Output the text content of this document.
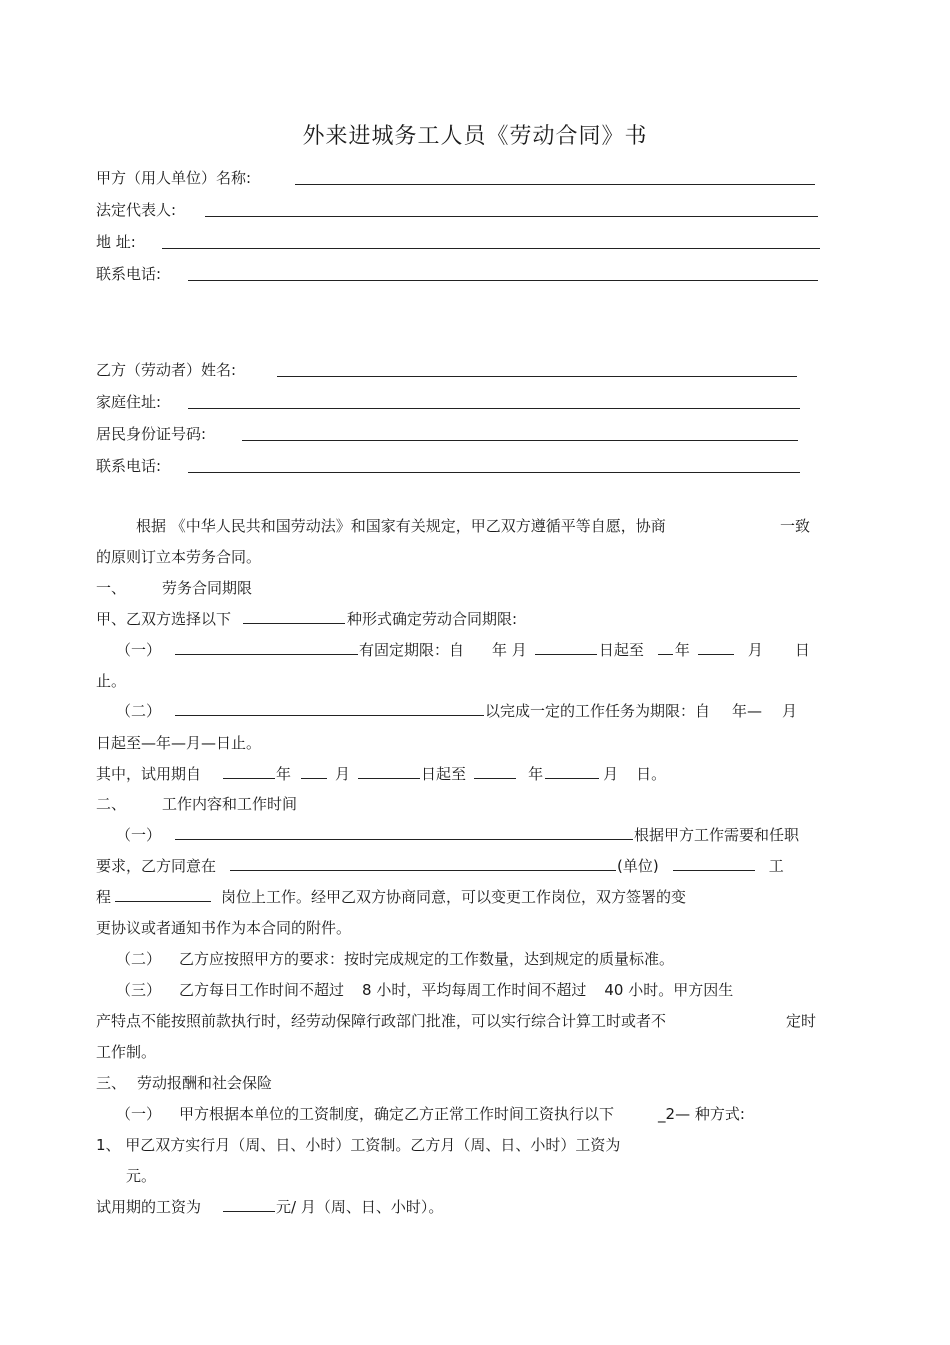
外来进城务工人员《劳动合同》书
甲方（用人单位）名称:
法定代表人:
地 址:
联系电话:
乙方（劳动者）姓名:
家庭住址:
居民身份证号码:
联系电话:
根据 《中华人民共和国劳动法》和国家有关规定，甲乙双方遵循平等自愿，协商	一致
的原则订立本劳务合同。
一、 劳务合同期限
甲、乙双方选择以下	种形式确定劳动合同期限:
（一）	有固定期限：自 年 月	日起至 年	月 日
止。
（二）	以完成一定的工作任务为期限：自 年— 月
日起至—年—月—日止。
其中，试用期自	年	月	日起至	年	月 日。
二、 工作内容和工作时间
（一）	根据甲方工作需要和任职
要求，乙方同意在	(单位)	工
程	岗位上工作。经甲乙双方协商同意，可以变更工作岗位，双方签署的变
更协议或者通知书作为本合同的附件。
（二） 乙方应按照甲方的要求：按时完成规定的工作数量，达到规定的质量标准。
（三） 乙方每日工作时间不超过 8 小时，平均每周工作时间不超过 40 小时。甲方因生
产特点不能按照前款执行时，经劳动保障行政部门批准，可以实行综合计算工时或者不	定时
工作制。
三、 劳动报酬和社会保险
（一） 甲方根据本单位的工资制度，确定乙方正常工作时间工资执行以下	_2— 种方式:
1、 甲乙双方实行月（周、日、小时）工资制。乙方月（周、日、小时）工资为
元。
试用期的工资为	元/ 月（周、日、小时）。
